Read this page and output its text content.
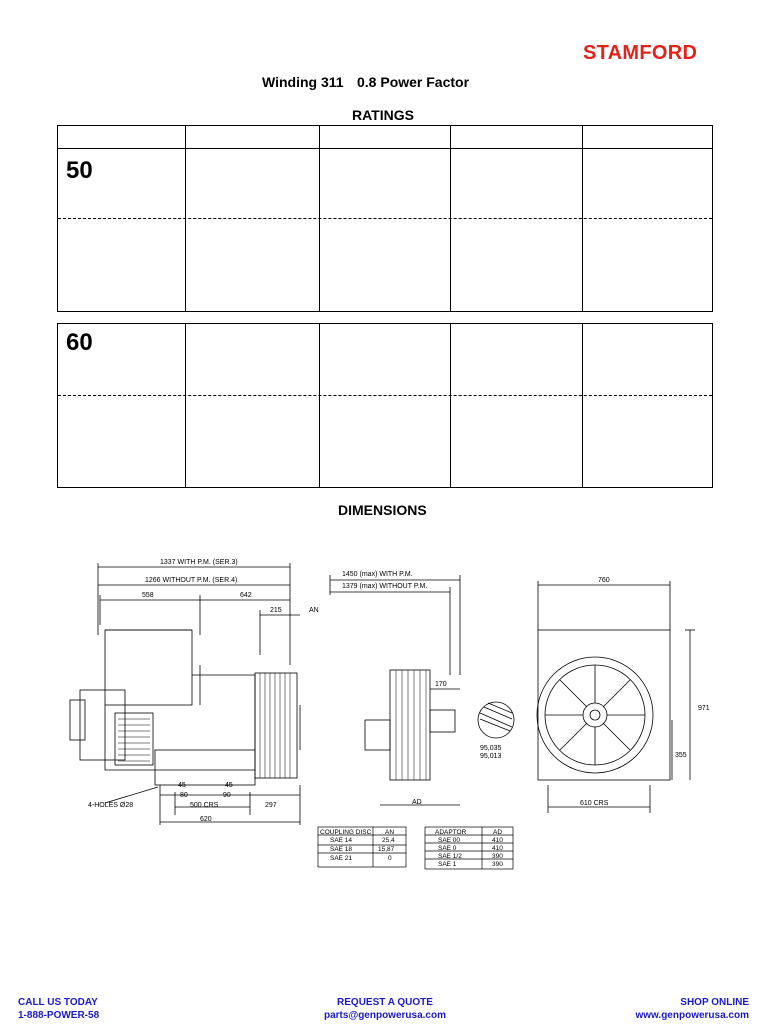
STAMFORD
Winding 311 0.8 Power Factor
RATINGS
50
60
DIMENSIONS
1337 WITH P.M. (SER.3)
1266 WITHOUT P.M. (SER.4)
558	642
215	AN
1450 (max) WITH P.M.
1379 (max) WITHOUT P.M.
760
170
95,035
95,013
AD
971
355
610 CRS
4-HOLES Ø28
45	45
80	90
500 CRS	297
620
COUPLING DISC AN
SAE 14	25,4
SAE 18	15,87
SAE 21	0
ADAPTOR	AD
SAE 00	410
SAE 0	410
SAE 1/2	390
SAE 1	390
CALL US TODAY
1-888-POWER-58
REQUEST A QUOTE
parts@genpowerusa.com
SHOP ONLINE
www.genpowerusa.com
